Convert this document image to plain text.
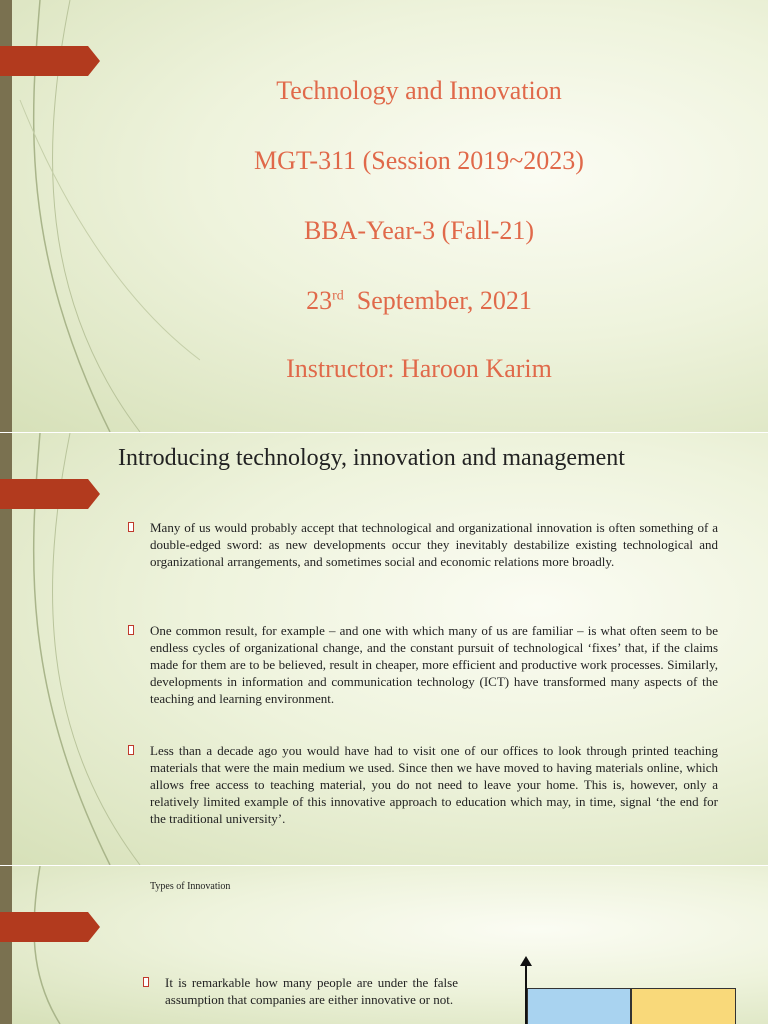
Technology and Innovation
MGT-311 (Session 2019~2023)
BBA-Year-3 (Fall-21)
23rd  September, 2021
Instructor: Haroon Karim
Introducing technology, innovation and management

Many of us would probably accept that technological and organizational innovation is often something of a double-edged sword: as new developments occur they inevitably destabilize existing technological and organizational arrangements, and sometimes social and economic relations more broadly.

One common result, for example – and one with which many of us are familiar – is what often seem to be endless cycles of organizational change, and the constant pursuit of technological ‘fixes’ that, if the claims made for them are to be believed, result in cheaper, more efficient and productive work processes. Similarly, developments in information and communication technology (ICT) have transformed many aspects of the teaching and learning environment.

Less than a decade ago you would have had to visit one of our offices to look through printed teaching materials that were the main medium we used. Since then we have moved to having materials online, which allows free access to teaching material, you do not need to leave your home. This is, however, only a relatively limited example of this innovative approach to education which may, in time, signal ‘the end for the traditional university’.

Types of Innovation

It is remarkable how many people are under the false assumption that companies are either innovative or not.
